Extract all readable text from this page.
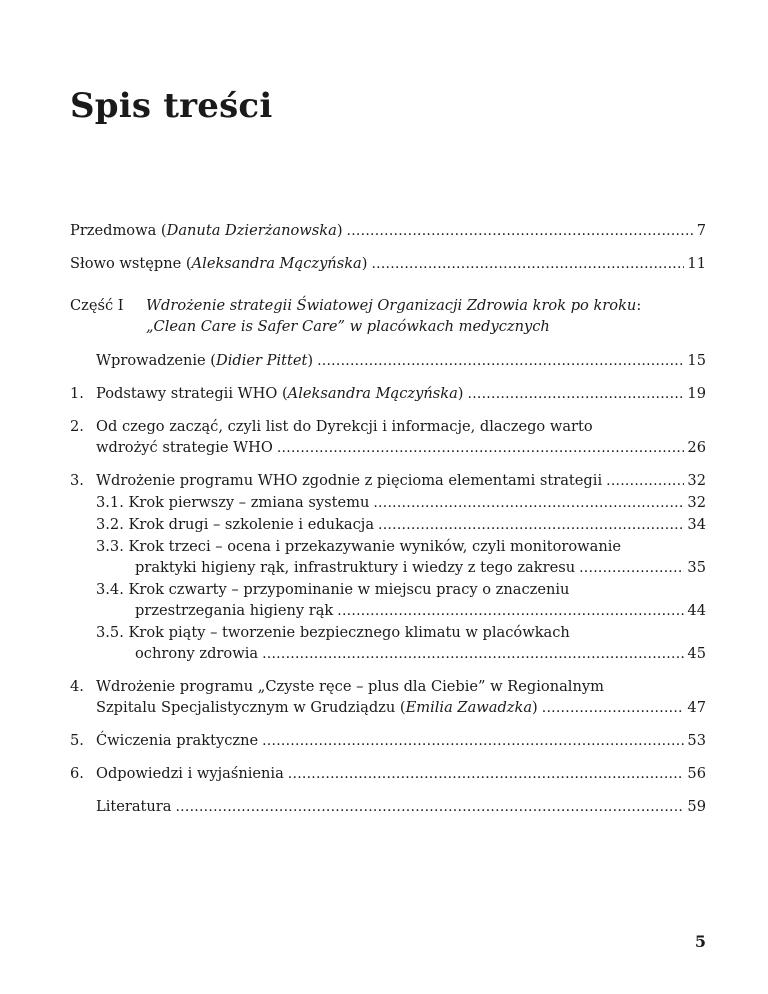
Spis treści
Przedmowa (Danuta Dzierżanowska) . . .	7
Słowo wstępne (Aleksandra Mączyńska) . . .	11
Część I	Wdrożenie strategii Światowej Organizacji Zdrowia krok po kroku:
„Clean Care is Safer Care” w placówkach medycznych
Wprowadzenie (Didier Pittet) . . .	15
1. Podstawy strategii WHO (Aleksandra Mączyńska) . . .	19
2. Od czego zacząć, czyli list do Dyrekcji i informacje, dlaczego warto
wdrożyć strategie WHO . . .	26
3. Wdrożenie programu WHO zgodnie z pięcioma elementami strategii . . .	32
3.1. Krok pierwszy – zmiana systemu . . .	32
3.2. Krok drugi – szkolenie i edukacja . . .	34
3.3. Krok trzeci – ocena i przekazywanie wyników, czyli monitorowanie
praktyki higieny rąk, infrastruktury i wiedzy z tego zakresu . . .	35
3.4. Krok czwarty – przypominanie w miejscu pracy o znaczeniu
przestrzegania higieny rąk . . .	44
3.5. Krok piąty – tworzenie bezpiecznego klimatu w placówkach
ochrony zdrowia . . .	45
4. Wdrożenie programu „Czyste ręce – plus dla Ciebie” w Regionalnym
Szpitalu Specjalistycznym w Grudziądzu (Emilia Zawadzka) . . .	47
5. Ćwiczenia praktyczne . . .	53
6. Odpowiedzi i wyjaśnienia . . .	56
Literatura . . .	59
5
